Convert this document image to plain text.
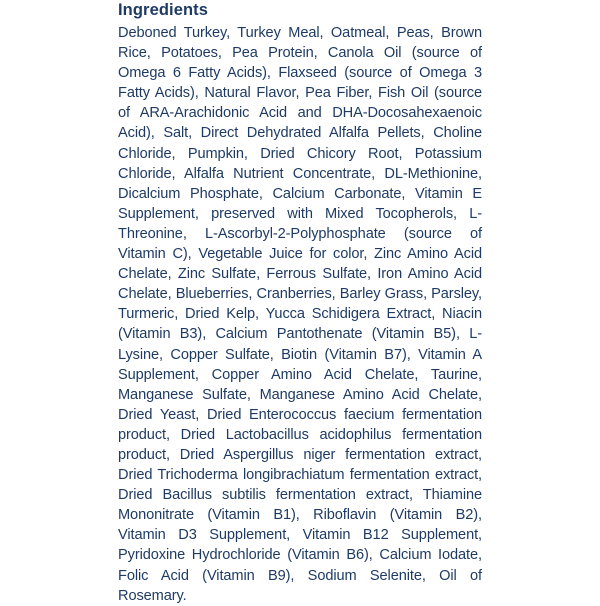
Ingredients

Deboned Turkey, Turkey Meal, Oatmeal, Peas, Brown Rice, Potatoes, Pea Protein, Canola Oil (source of Omega 6 Fatty Acids), Flaxseed (source of Omega 3 Fatty Acids), Natural Flavor, Pea Fiber, Fish Oil (source of ARA-Arachidonic Acid and DHA-Docosahexaenoic Acid), Salt, Direct Dehydrated Alfalfa Pellets, Choline Chloride, Pumpkin, Dried Chicory Root, Potassium Chloride, Alfalfa Nutrient Concentrate, DL-Methionine, Dicalcium Phosphate, Calcium Carbonate, Vitamin E Supplement, preserved with Mixed Tocopherols, L-Threonine, L-Ascorbyl-2-Polyphosphate (source of Vitamin C), Vegetable Juice for color, Zinc Amino Acid Chelate, Zinc Sulfate, Ferrous Sulfate, Iron Amino Acid Chelate, Blueberries, Cranberries, Barley Grass, Parsley, Turmeric, Dried Kelp, Yucca Schidigera Extract, Niacin (Vitamin B3), Calcium Pantothenate (Vitamin B5), L-Lysine, Copper Sulfate, Biotin (Vitamin B7), Vitamin A Supplement, Copper Amino Acid Chelate, Taurine, Manganese Sulfate, Manganese Amino Acid Chelate, Dried Yeast, Dried Enterococcus faecium fermentation product, Dried Lactobacillus acidophilus fermentation product, Dried Aspergillus niger fermentation extract, Dried Trichoderma longibrachiatum fermentation extract, Dried Bacillus subtilis fermentation extract, Thiamine Mononitrate (Vitamin B1), Riboflavin (Vitamin B2), Vitamin D3 Supplement, Vitamin B12 Supplement, Pyridoxine Hydrochloride (Vitamin B6), Calcium Iodate, Folic Acid (Vitamin B9), Sodium Selenite, Oil of Rosemary.
